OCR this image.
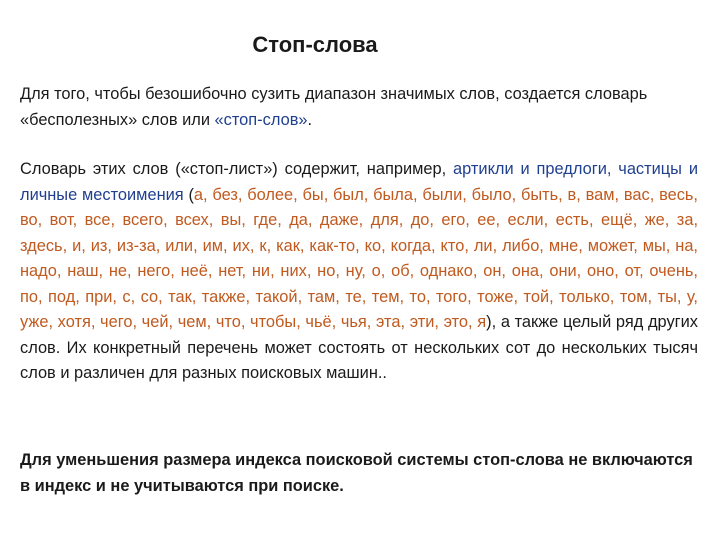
Стоп-слова

Для того, чтобы безошибочно сузить диапазон значимых слов, создается словарь «бесполезных» слов или «стоп-слов».

Словарь этих слов («стоп-лист») содержит, например, артикли и предлоги, частицы и личные местоимения (а, без, более, бы, был, была, были, было, быть, в, вам, вас, весь, во, вот, все, всего, всех, вы, где, да, даже, для, до, его, ее, если, есть, ещё, же, за, здесь, и, из, из-за, или, им, их, к, как, как-то, ко, когда, кто, ли, либо, мне, может, мы, на, надо, наш, не, него, неё, нет, ни, них, но, ну, о, об, однако, он, она, они, оно, от, очень, по, под, при, с, со, так, также, такой, там, те, тем, то, того, тоже, той, только, том, ты, у, уже, хотя, чего, чей, чем, что, чтобы, чьё, чья, эта, эти, это, я), а также целый ряд других слов. Их конкретный перечень может состоять от нескольких сот до нескольких тысяч слов и различен для разных поисковых машин..

Для уменьшения размера индекса поисковой системы стоп-слова не включаются в индекс и не учитываются при поиске.
